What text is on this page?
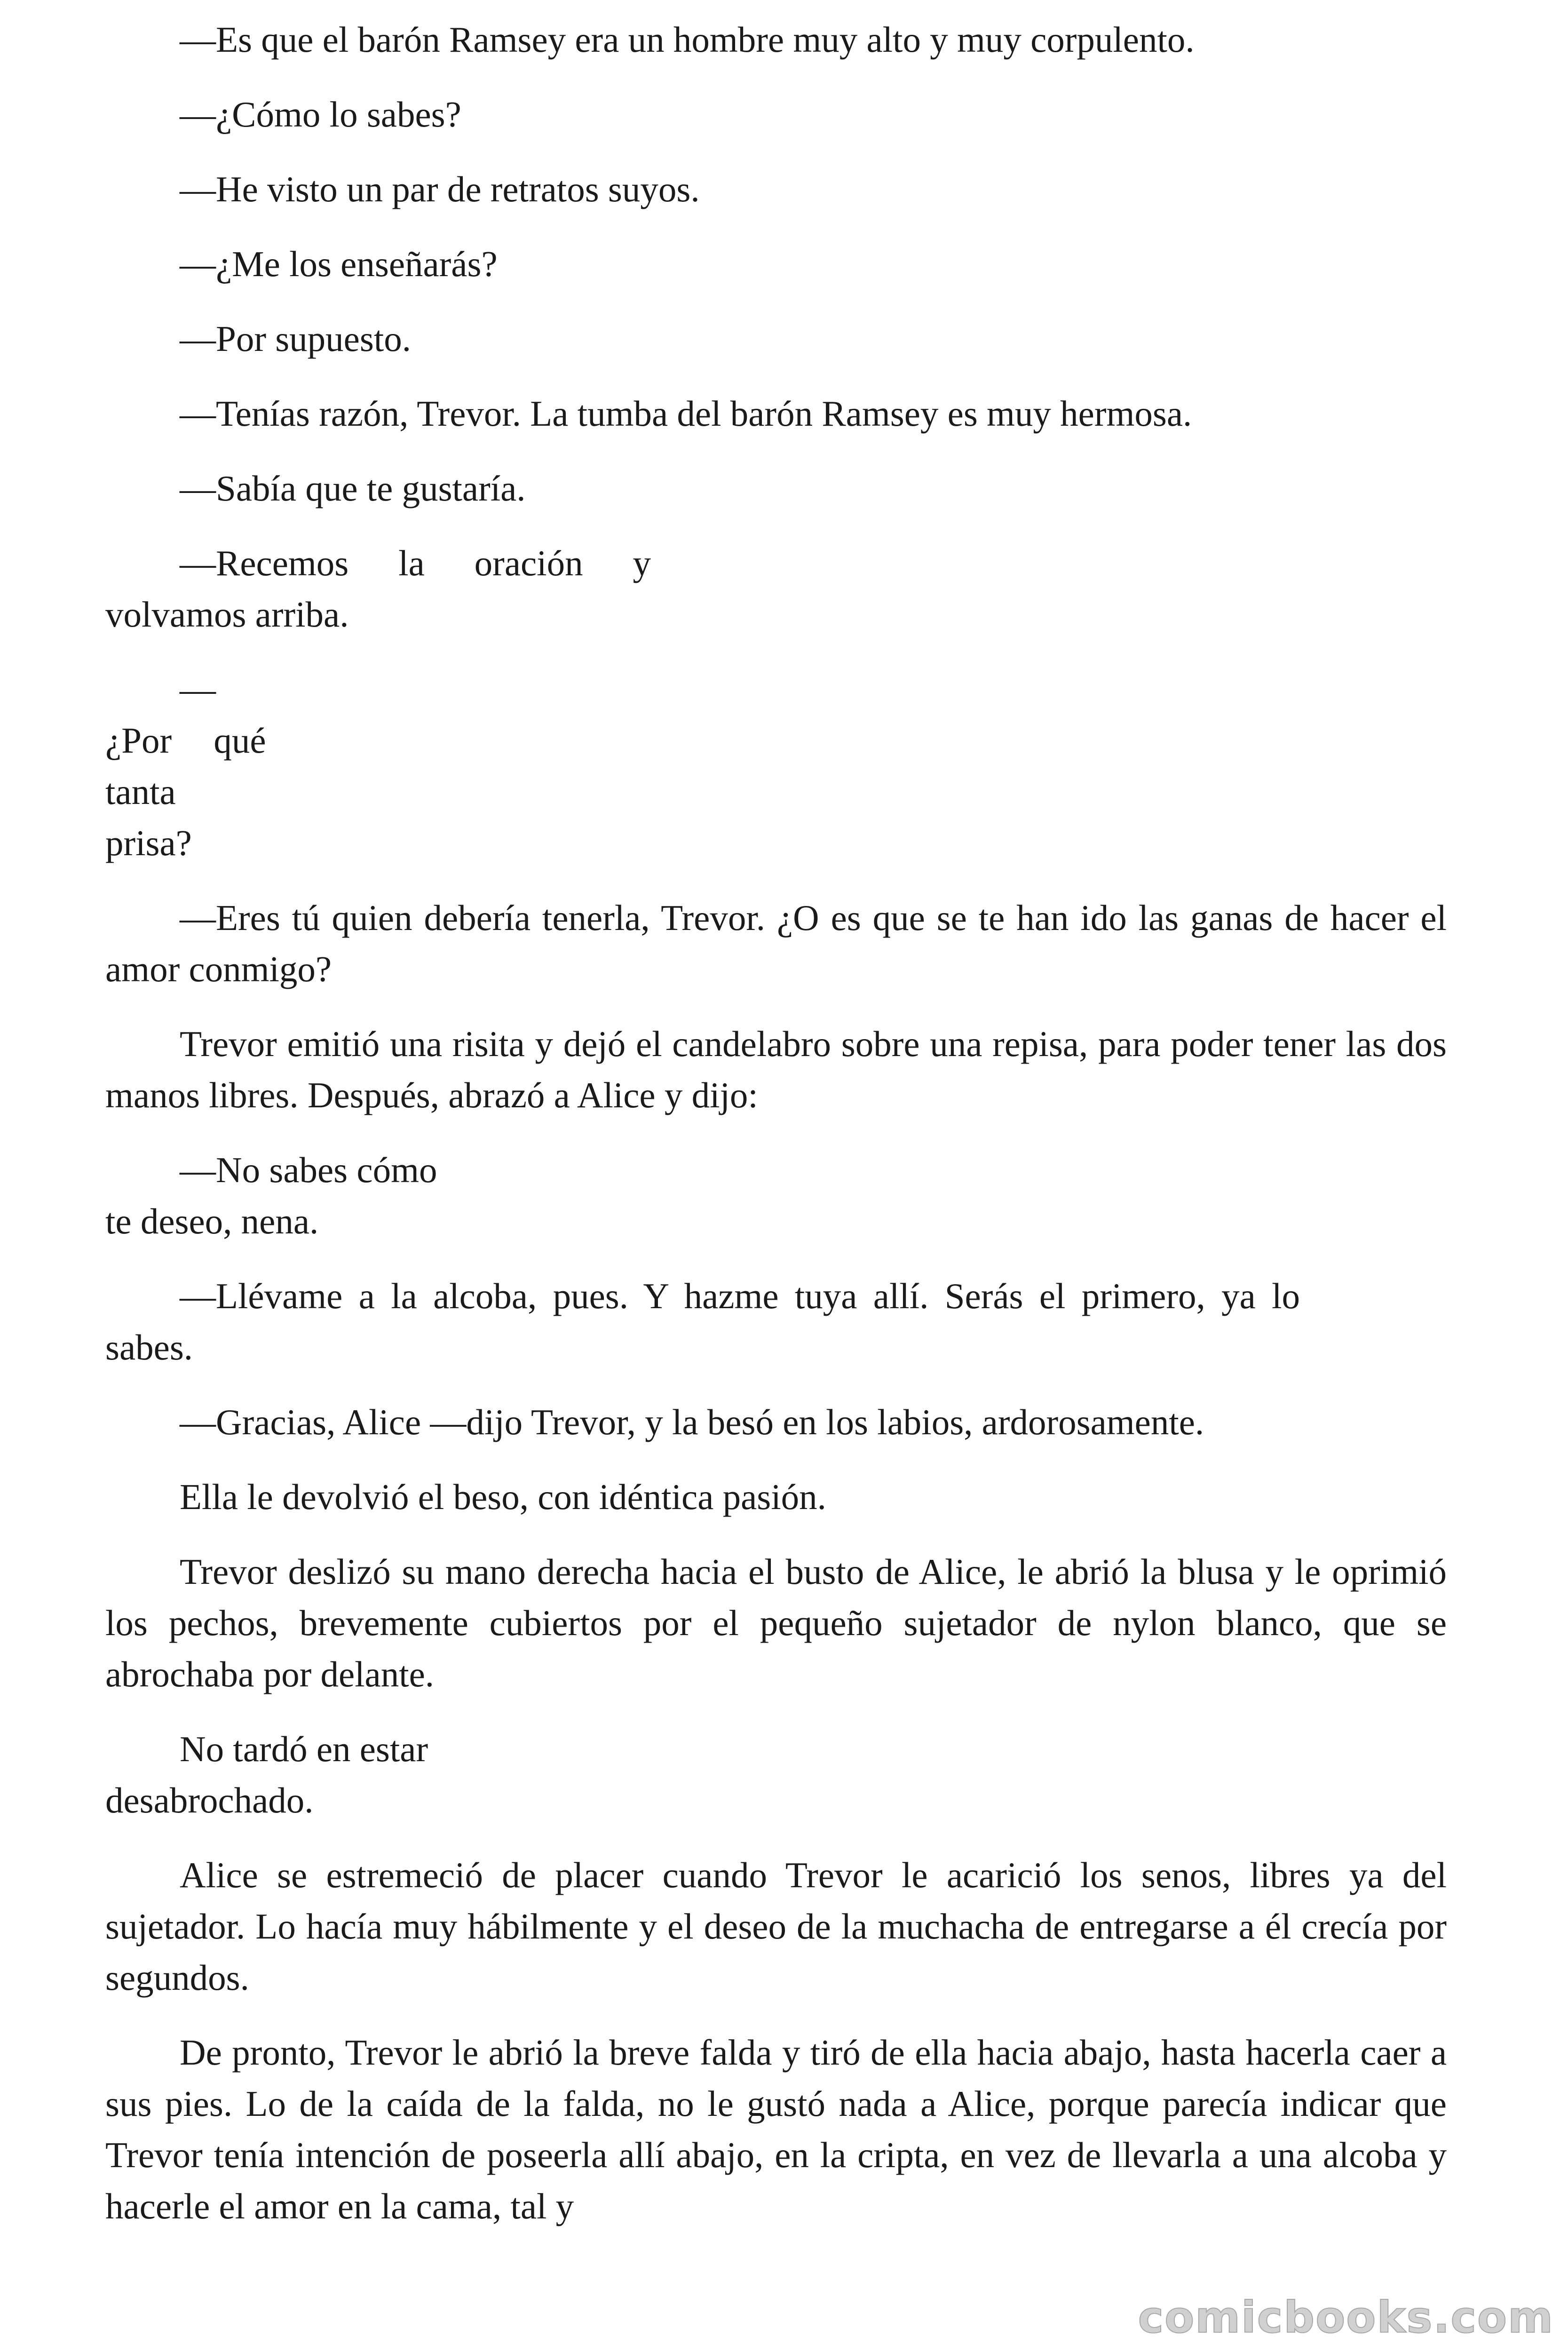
—Es que el barón Ramsey era un hombre muy alto y muy corpulento.

—¿Cómo lo sabes?

—He visto un par de retratos suyos.

—¿Me los enseñarás?

—Por supuesto.

—Tenías razón, Trevor. La tumba del barón Ramsey es muy hermosa.

—Sabía que te gustaría.

—Recemos la oración y
volvamos arriba.

—
¿Por qué
tanta
prisa?

—Eres tú quien debería tenerla, Trevor. ¿O es que se te han ido las ganas de hacer el amor conmigo?

Trevor emitió una risita y dejó el candelabro sobre una repisa, para poder tener las dos manos libres. Después, abrazó a Alice y dijo:

—No sabes cómo
te deseo, nena.

—Llévame a la alcoba, pues. Y hazme tuya allí. Serás el primero, ya lo sabes.

—Gracias, Alice —dijo Trevor, y la besó en los labios, ardorosamente.

Ella le devolvió el beso, con idéntica pasión.

Trevor deslizó su mano derecha hacia el busto de Alice, le abrió la blusa y le oprimió los pechos, brevemente cubiertos por el pequeño sujetador de nylon blanco, que se abrochaba por delante.

No tardó en estar
desabrochado.

Alice se estremeció de placer cuando Trevor le acarició los senos, libres ya del sujetador. Lo hacía muy hábilmente y el deseo de la muchacha de entregarse a él crecía por segundos.

De pronto, Trevor le abrió la breve falda y tiró de ella hacia abajo, hasta hacerla caer a sus pies. Lo de la caída de la falda, no le gustó nada a Alice, porque parecía indicar que Trevor tenía intención de poseerla allí abajo, en la cripta, en vez de llevarla a una alcoba y hacerle el amor en la cama, tal y

comicbooks.com
